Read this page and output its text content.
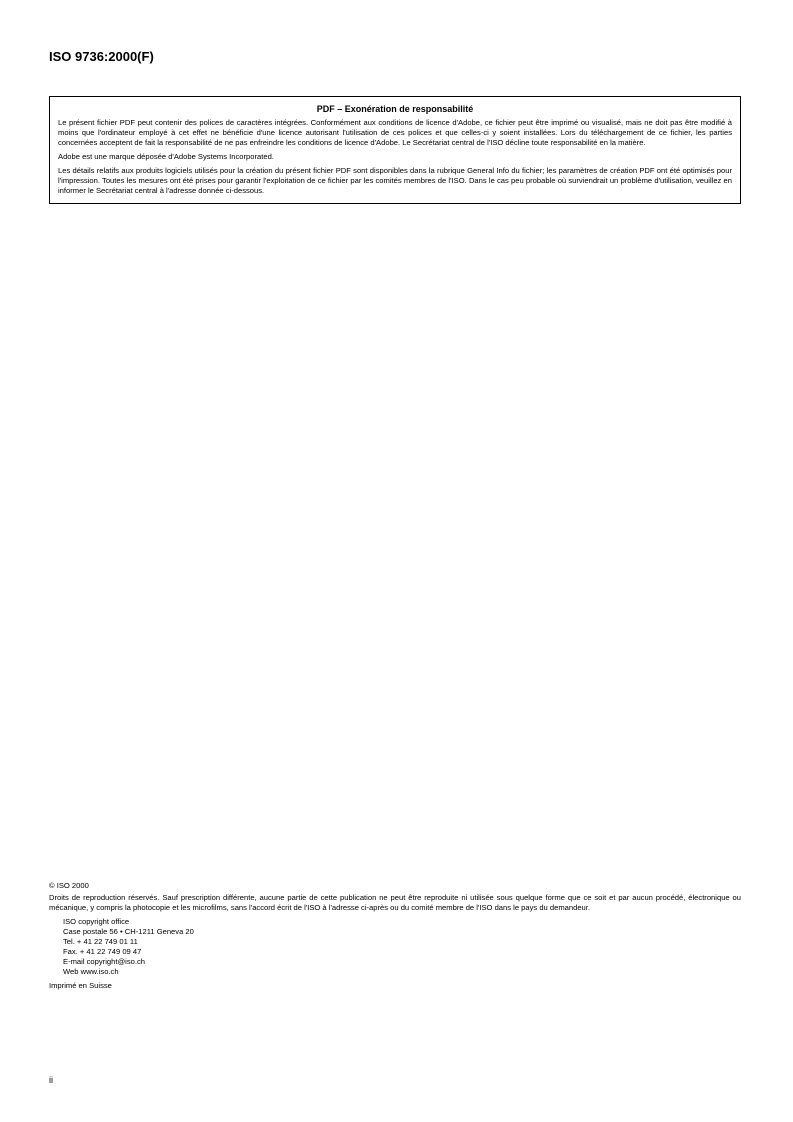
ISO 9736:2000(F)
PDF – Exonération de responsabilité

Le présent fichier PDF peut contenir des polices de caractères intégrées. Conformément aux conditions de licence d'Adobe, ce fichier peut être imprimé ou visualisé, mais ne doit pas être modifié à moins que l'ordinateur employé à cet effet ne bénéficie d'une licence autorisant l'utilisation de ces polices et que celles-ci y soient installées. Lors du téléchargement de ce fichier, les parties concernées acceptent de fait la responsabilité de ne pas enfreindre les conditions de licence d'Adobe. Le Secrétariat central de l'ISO décline toute responsabilité en la matière.

Adobe est une marque déposée d'Adobe Systems Incorporated.

Les détails relatifs aux produits logiciels utilisés pour la création du présent fichier PDF sont disponibles dans la rubrique General Info du fichier; les paramètres de création PDF ont été optimisés pour l'impression. Toutes les mesures ont été prises pour garantir l'exploitation de ce fichier par les comités membres de l'ISO. Dans le cas peu probable où surviendrait un problème d'utilisation, veuillez en informer le Secrétariat central à l'adresse donnée ci-dessous.

© ISO 2000

Droits de reproduction réservés. Sauf prescription différente, aucune partie de cette publication ne peut être reproduite ni utilisée sous quelque forme que ce soit et par aucun procédé, électronique ou mécanique, y compris la photocopie et les microfilms, sans l'accord écrit de l'ISO à l'adresse ci-après ou du comité membre de l'ISO dans le pays du demandeur.

ISO copyright office
Case postale 56 • CH-1211 Geneva 20
Tel. + 41 22 749 01 11
Fax. + 41 22 749 09 47
E-mail copyright@iso.ch
Web www.iso.ch
Imprimé en Suisse
ii
